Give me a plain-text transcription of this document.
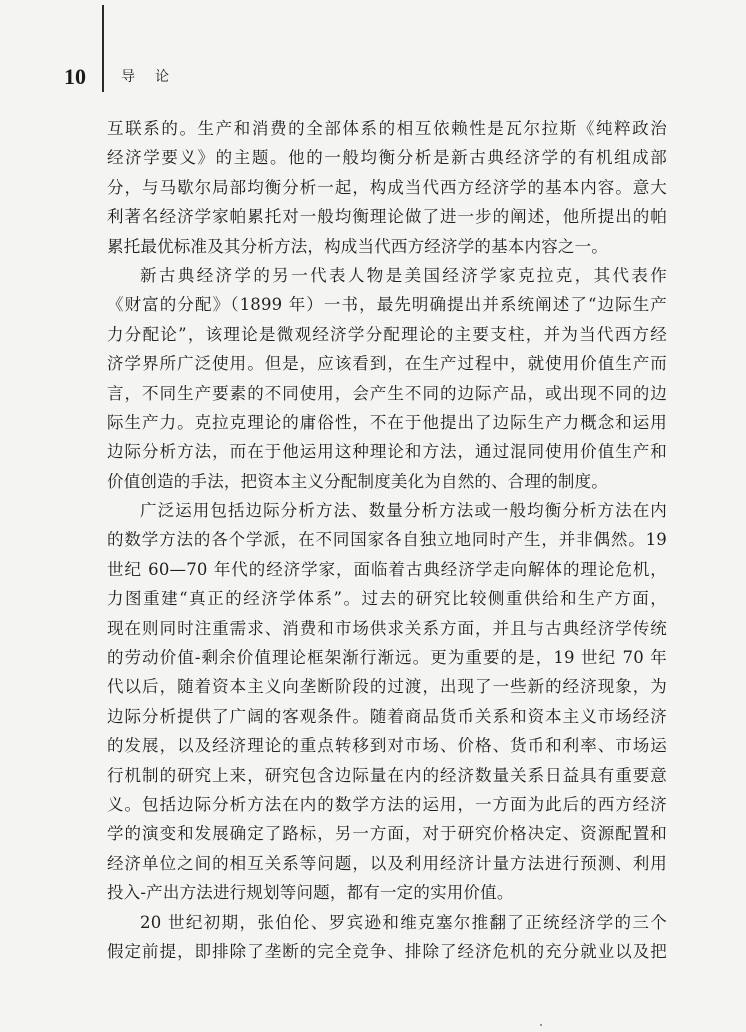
10	导论
互联系的。生产和消费的全部体系的相互依赖性是瓦尔拉斯《纯粹政治
经济学要义》的主题。他的一般均衡分析是新古典经济学的有机组成部
分，与马歇尔局部均衡分析一起，构成当代西方经济学的基本内容。意大
利著名经济学家帕累托对一般均衡理论做了进一步的阐述，他所提出的帕
累托最优标准及其分析方法，构成当代西方经济学的基本内容之一。
新古典经济学的另一代表人物是美国经济学家克拉克，其代表作
《财富的分配》（1899 年）一书，最先明确提出并系统阐述了“边际生产
力分配论”，该理论是微观经济学分配理论的主要支柱，并为当代西方经
济学界所广泛使用。但是，应该看到，在生产过程中，就使用价值生产而
言，不同生产要素的不同使用，会产生不同的边际产品，或出现不同的边
际生产力。克拉克理论的庸俗性，不在于他提出了边际生产力概念和运用
边际分析方法，而在于他运用这种理论和方法，通过混同使用价值生产和
价值创造的手法，把资本主义分配制度美化为自然的、合理的制度。
广泛运用包括边际分析方法、数量分析方法或一般均衡分析方法在内
的数学方法的各个学派，在不同国家各自独立地同时产生，并非偶然。19
世纪 60—70 年代的经济学家，面临着古典经济学走向解体的理论危机，
力图重建“真正的经济学体系”。过去的研究比较侧重供给和生产方面，
现在则同时注重需求、消费和市场供求关系方面，并且与古典经济学传统
的劳动价值-剩余价值理论框架渐行渐远。更为重要的是，19 世纪 70 年
代以后，随着资本主义向垄断阶段的过渡，出现了一些新的经济现象，为
边际分析提供了广阔的客观条件。随着商品货币关系和资本主义市场经济
的发展，以及经济理论的重点转移到对市场、价格、货币和利率、市场运
行机制的研究上来，研究包含边际量在内的经济数量关系日益具有重要意
义。包括边际分析方法在内的数学方法的运用，一方面为此后的西方经济
学的演变和发展确定了路标，另一方面，对于研究价格决定、资源配置和
经济单位之间的相互关系等问题，以及利用经济计量方法进行预测、利用
投入-产出方法进行规划等问题，都有一定的实用价值。
20 世纪初期，张伯伦、罗宾逊和维克塞尔推翻了正统经济学的三个
假定前提，即排除了垄断的完全竞争、排除了经济危机的充分就业以及把
